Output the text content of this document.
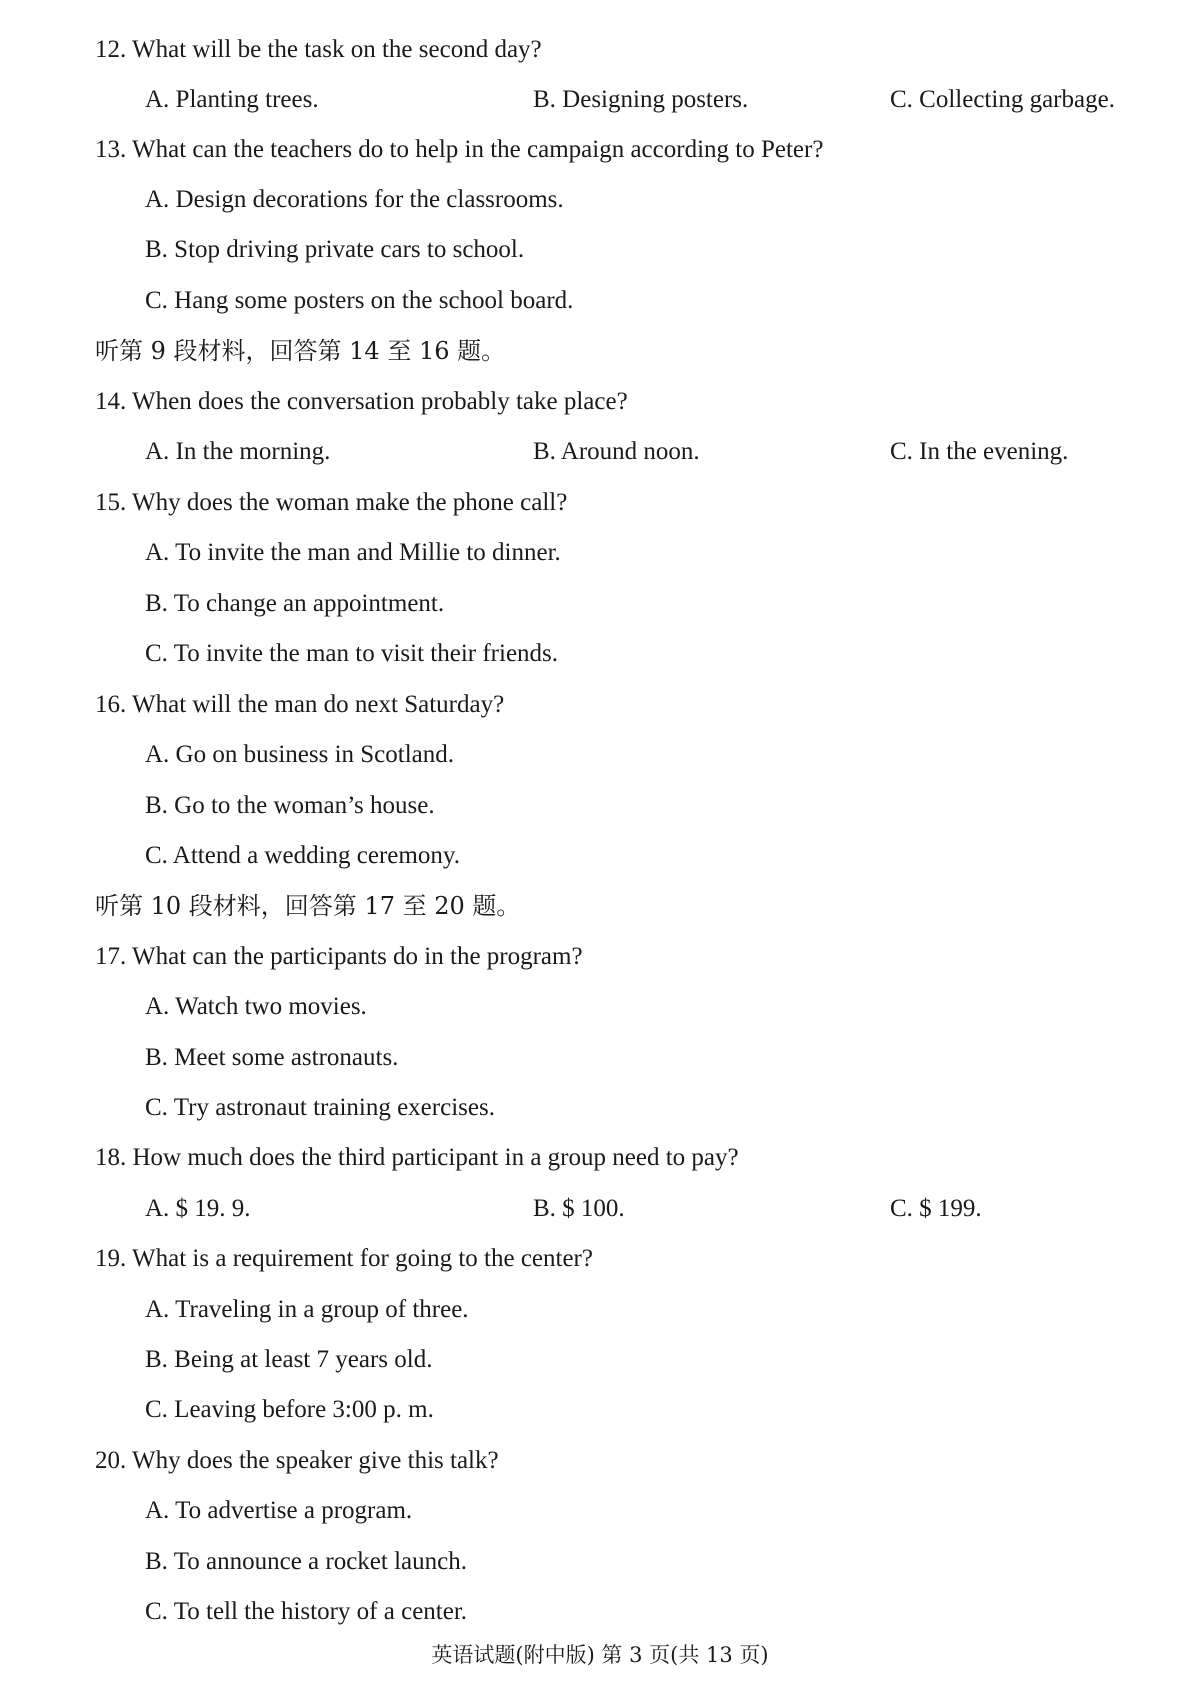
12. What will be the task on the second day?
A. Planting trees.	B. Designing posters.	C. Collecting garbage.
13. What can the teachers do to help in the campaign according to Peter?
A. Design decorations for the classrooms.
B. Stop driving private cars to school.
C. Hang some posters on the school board.
听第 9 段材料，回答第 14 至 16 题。
14. When does the conversation probably take place?
A. In the morning.	B. Around noon.	C. In the evening.
15. Why does the woman make the phone call?
A. To invite the man and Millie to dinner.
B. To change an appointment.
C. To invite the man to visit their friends.
16. What will the man do next Saturday?
A. Go on business in Scotland.
B. Go to the woman’s house.
C. Attend a wedding ceremony.
听第 10 段材料，回答第 17 至 20 题。
17. What can the participants do in the program?
A. Watch two movies.
B. Meet some astronauts.
C. Try astronaut training exercises.
18. How much does the third participant in a group need to pay?
A. $ 19. 9.	B. $ 100.	C. $ 199.
19. What is a requirement for going to the center?
A. Traveling in a group of three.
B. Being at least 7 years old.
C. Leaving before 3:00 p. m.
20. Why does the speaker give this talk?
A. To advertise a program.
B. To announce a rocket launch.
C. To tell the history of a center.
英语试题(附中版) 第 3 页(共 13 页)
